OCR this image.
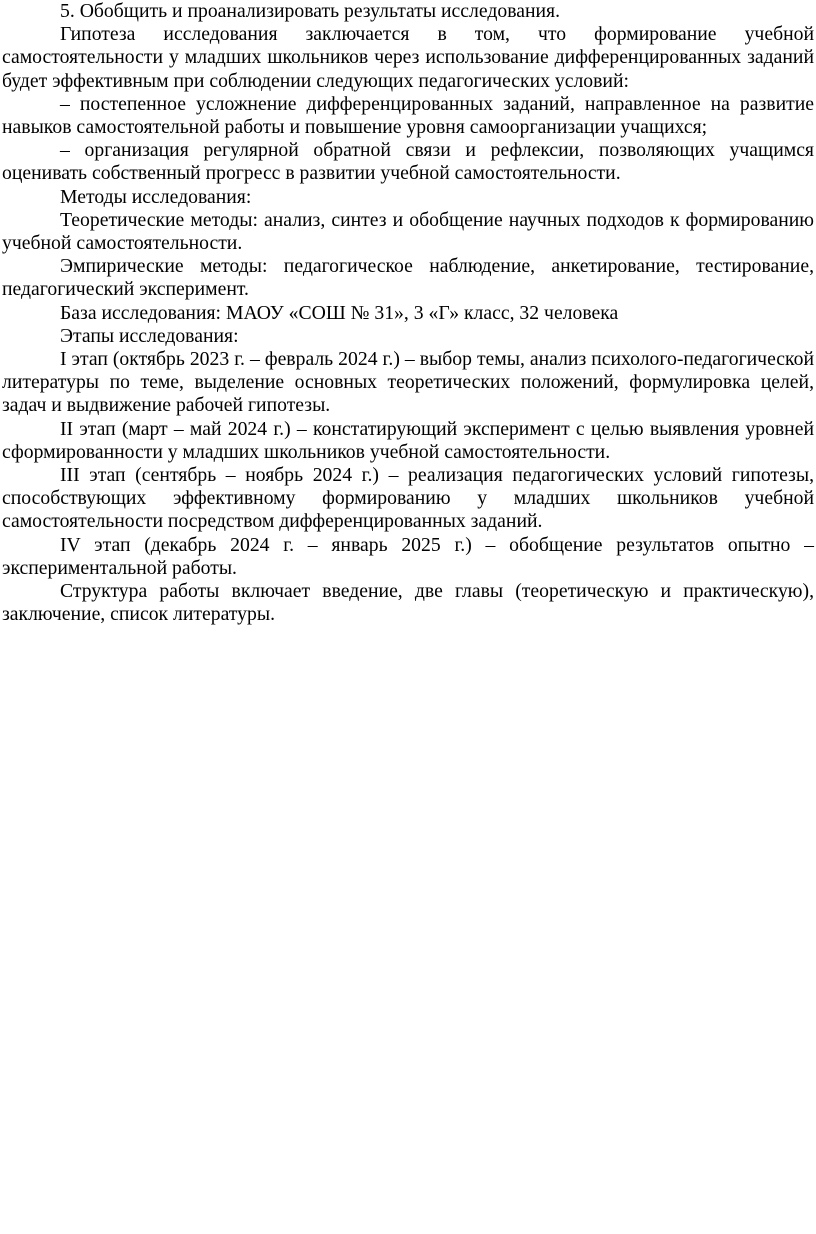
5. Обобщить и проанализировать результаты исследования.

Гипотеза исследования заключается в том, что формирование учебной самостоятельности у младших школьников через использование дифференцированных заданий будет эффективным при соблюдении следующих педагогических условий:

– постепенное усложнение дифференцированных заданий, направленное на развитие навыков самостоятельной работы и повышение уровня самоорганизации учащихся;

– организация регулярной обратной связи и рефлексии, позволяющих учащимся оценивать собственный прогресс в развитии учебной самостоятельности.

Методы исследования:

Теоретические методы: анализ, синтез и обобщение научных подходов к формированию учебной самостоятельности.

Эмпирические методы: педагогическое наблюдение, анкетирование, тестирование, педагогический эксперимент.

База исследования: МАОУ «СОШ № 31», 3 «Г» класс, 32 человека

Этапы исследования:

I этап (октябрь 2023 г. – февраль 2024 г.) – выбор темы, анализ психолого-педагогической литературы по теме, выделение основных теоретических положений, формулировка целей, задач и выдвижение рабочей гипотезы.

II этап (март – май 2024 г.) – констатирующий эксперимент с целью выявления уровней сформированности у младших школьников учебной самостоятельности.

III этап (сентябрь – ноябрь 2024 г.) – реализация педагогических условий гипотезы, способствующих эффективному формированию у младших школьников учебной самостоятельности посредством дифференцированных заданий.

IV этап (декабрь 2024 г. – январь 2025 г.) – обобщение результатов опытно – экспериментальной работы.

Структура работы включает введение, две главы (теоретическую и практическую), заключение, список литературы.
